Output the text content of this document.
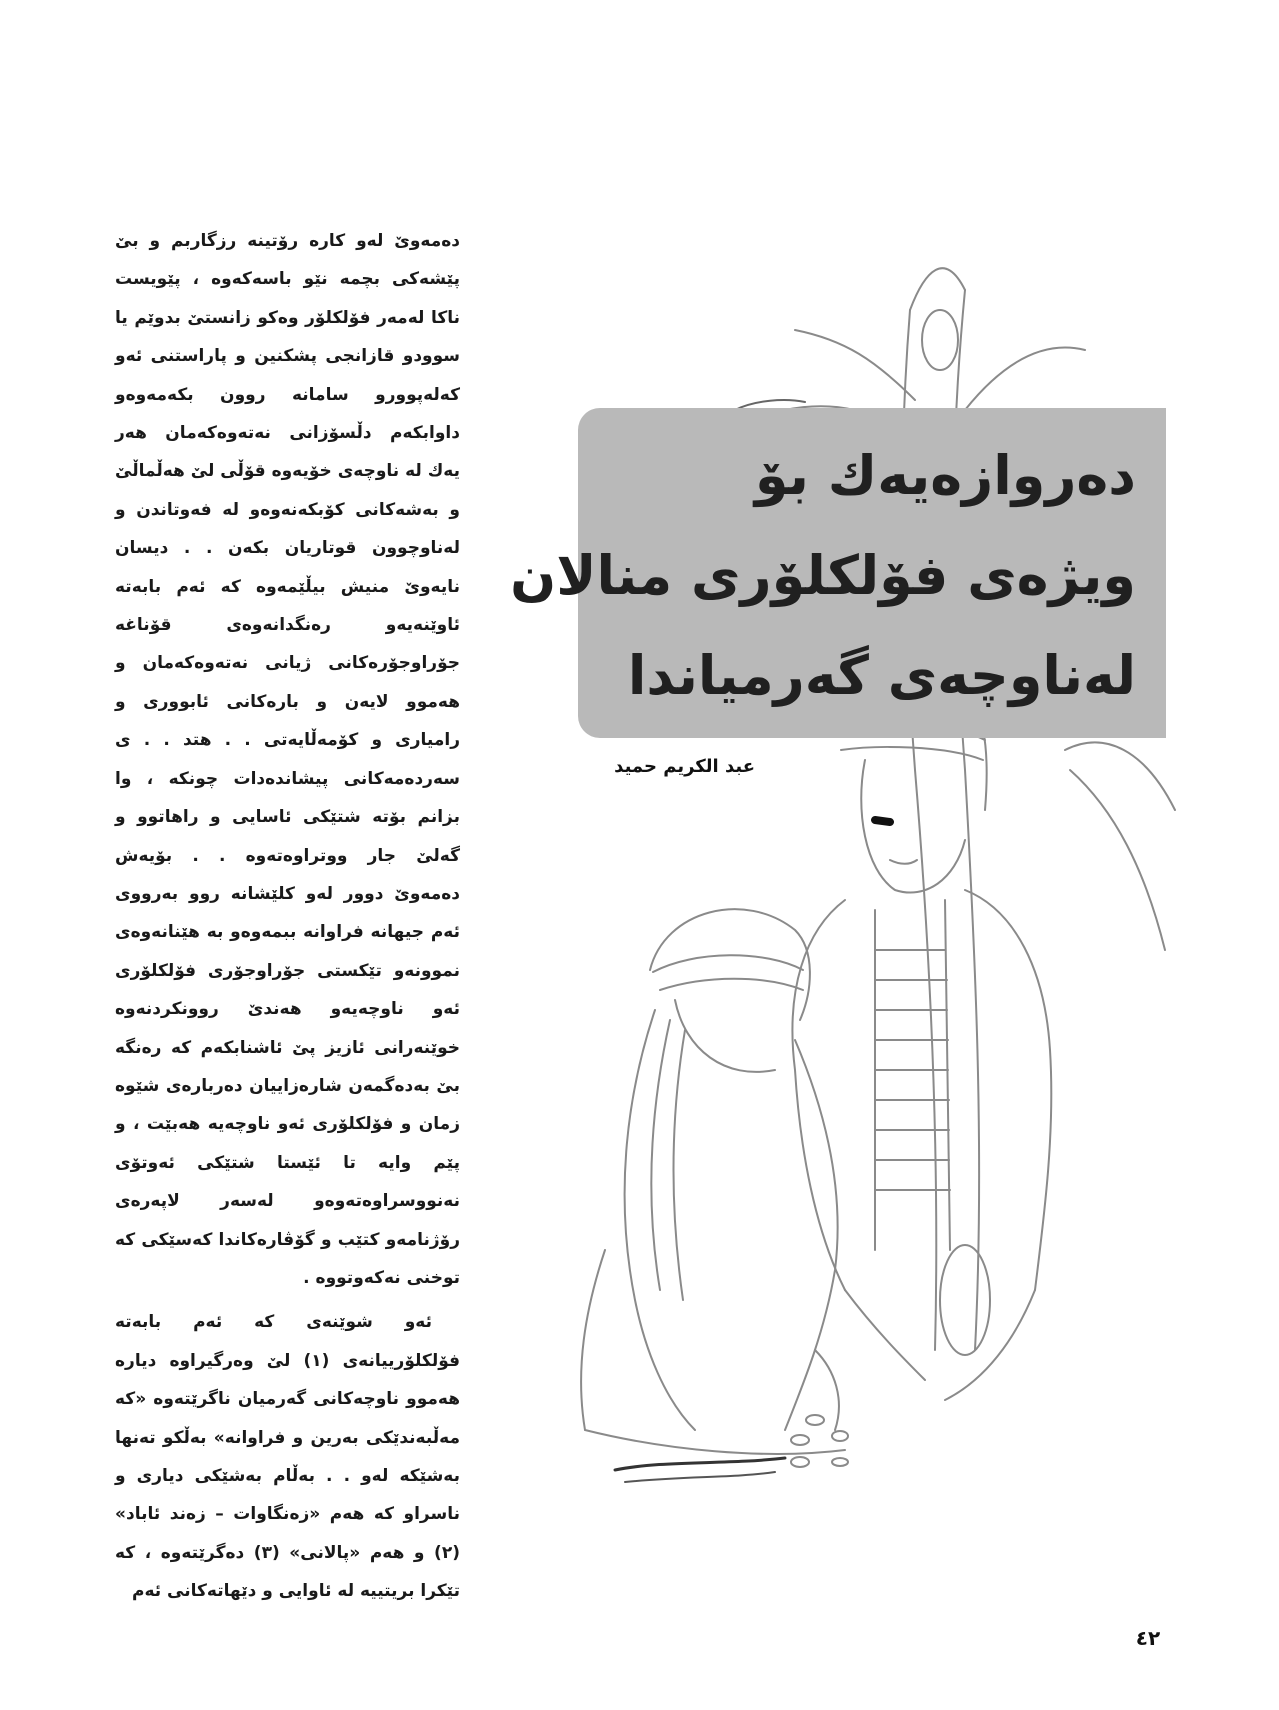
دەمەوێ لەو كارە رۆتینە رزگاربم و بێ پێشەكی بچمە نێو باسەكەوە ، پێویست ناكا لەمەر فۆلكلۆر وەكو زانستێ بدوێم یا سوودو قازانجی پشكنین و پاراستنی ئەو كەلەپوورو سامانە روون بكەمەوەو داوابكەم دڵسۆزانی نەتەوەكەمان هەر یەك لە ناوچەی خۆیەوە قۆڵی لێ هەڵماڵێ و بەشەكانی كۆبكەنەوەو لە فەوتاندن و لەناوچوون قوتاریان بكەن . . دیسان نایەوێ منیش بیڵێمەوە كە ئەم بابەتە ئاوێنەیەو رەنگدانەوەی قۆناغە جۆراوجۆرەكانی ژیانی نەتەوەكەمان و هەموو لایەن و بارەكانی ئابووری و رامیاری و كۆمەڵایەتی . . هتد . . ی سەردەمەكانی پیشاندەدات چونكە ، وا بزانم بۆتە شتێكی ئاسایی و راهاتوو و گەلێ جار ووتراوەتەوە . . بۆیەش دەمەوێ دوور لەو كلێشانە روو بەرووی ئەم جیهانە فراوانە ببمەوەو بە هێنانەوەی نموونەو تێكستی جۆراوجۆری فۆلكلۆری ئەو ناوچەیەو هەندێ روونكردنەوە خوێنەرانی ئازیز پێ ئاشنابكەم كە رەنگە بێ بەدەگمەن شارەزاییان دەربارەی شێوە زمان و فۆلكلۆری ئەو ناوچەیە هەبێت ، و پێم وایە تا ئێستا شتێكی ئەوتۆی نەنووسراوەتەوەو لەسەر لاپەرەی رۆژنامەو كتێب و گۆڤارەكاندا كەسێكی كە توخنی نەكەوتووە .

ئەو شوێنەی كە ئەم بابەتە فۆلكلۆرییانەی (١) لێ وەرگیراوە دیارە هەموو ناوچەكانی گەرمیان ناگرێتەوە «كە مەڵبەندێكی بەرین و فراوانە» بەڵكو تەنها بەشێكە لەو . . بەڵام بەشێكی دیاری و ناسراو كە هەم «زەنگاوات – زەند ئاباد» (٢) و هەم «پالانی» (٣) دەگرێتەوە ، كە تێكرا بریتییە لە ئاوایی و دێهاتەكانی ئەم

دەروازەیەك بۆ
ویژەی فۆلكلۆری منالان
لەناوچەی گەرمیاندا
عبد الكريم حميد
٤٢
